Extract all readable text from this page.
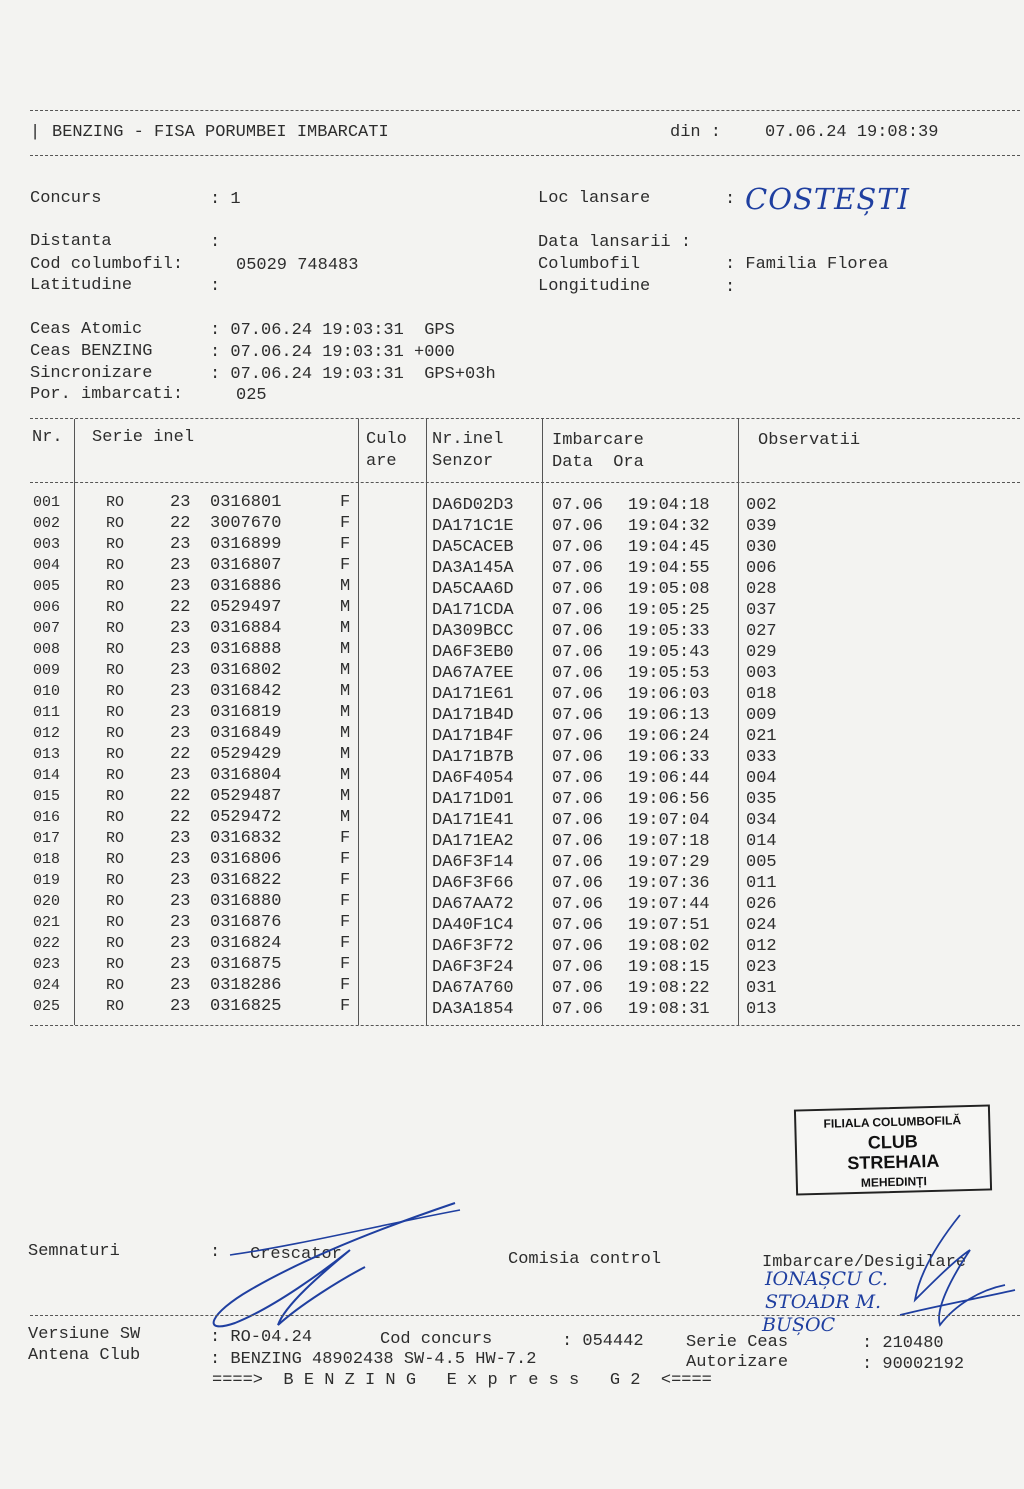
| BENZING - FISA PORUMBEI IMBARCATI	din :	07.06.24 19:08:39
Concurs	: 1	Loc lansare	: COSTEȘTI
Distanta	:	Data lansarii :
Cod columbofil:	05029 748483	Columbofil	: Familia Florea
Latitudine	:	Longitudine	:
Ceas Atomic	: 07.06.24 19:03:31  GPS
Ceas BENZING	: 07.06.24 19:03:31 +000
Sincronizare	: 07.06.24 19:03:31  GPS+03h
Por. imbarcati:	025
Nr. Serie inel	Culo
are
Nr.inel
Senzor
Imbarcare
Data  Ora
Observatii
001	RO	23 0316801	F	DA6D02D3 07.06 19:04:18 002
002	RO	22 3007670	F	DA171C1E 07.06 19:04:32 039
003	RO	23 0316899	F	DA5CACEB 07.06 19:04:45 030
004	RO	23 0316807	F	DA3A145A 07.06 19:04:55 006
005	RO	23 0316886	M	DA5CAA6D 07.06 19:05:08 028
006	RO	22 0529497	M	DA171CDA 07.06 19:05:25 037
007	RO	23 0316884	M	DA309BCC 07.06 19:05:33 027
008	RO	23 0316888	M	DA6F3EB0 07.06 19:05:43 029
009	RO	23 0316802	M	DA67A7EE 07.06 19:05:53 003
010	RO	23 0316842	M	DA171E61 07.06 19:06:03 018
011	RO	23 0316819	M	DA171B4D 07.06 19:06:13 009
012	RO	23 0316849	M	DA171B4F 07.06 19:06:24 021
013	RO	22 0529429	M	DA171B7B 07.06 19:06:33 033
014	RO	23 0316804	M	DA6F4054 07.06 19:06:44 004
015	RO	22 0529487	M	DA171D01 07.06 19:06:56 035
016	RO	22 0529472	M	DA171E41 07.06 19:07:04 034
017	RO	23 0316832	F	DA171EA2 07.06 19:07:18 014
018	RO	23 0316806	F	DA6F3F14 07.06 19:07:29 005
019	RO	23 0316822	F	DA6F3F66 07.06 19:07:36 011
020	RO	23 0316880	F	DA67AA72 07.06 19:07:44 026
021	RO	23 0316876	F	DA40F1C4 07.06 19:07:51 024
022	RO	23 0316824	F	DA6F3F72 07.06 19:08:02 012
023	RO	23 0316875	F	DA6F3F24 07.06 19:08:15 023
024	RO	23 0318286	F	DA67A760 07.06 19:08:22 031
025	RO	23 0316825	F	DA3A1854 07.06 19:08:31 013
FILIALA COLUMBOFILĂ
CLUB
STREHAIA
MEHEDINȚI
Semnaturi	: Crescator	Comisia control	Imbarcare/Desigilare
IONAȘCU C.
STOADR M.
BUȘOC
Versiune SW	: RO-04.24	Cod concurs	: 054442 Serie Ceas	: 210480
Antena Club	: BENZING 48902438 SW-4.5 HW-7.2	Autorizare	: 90002192
====>  B E N Z I N G   E x p r e s s   G 2  <====
